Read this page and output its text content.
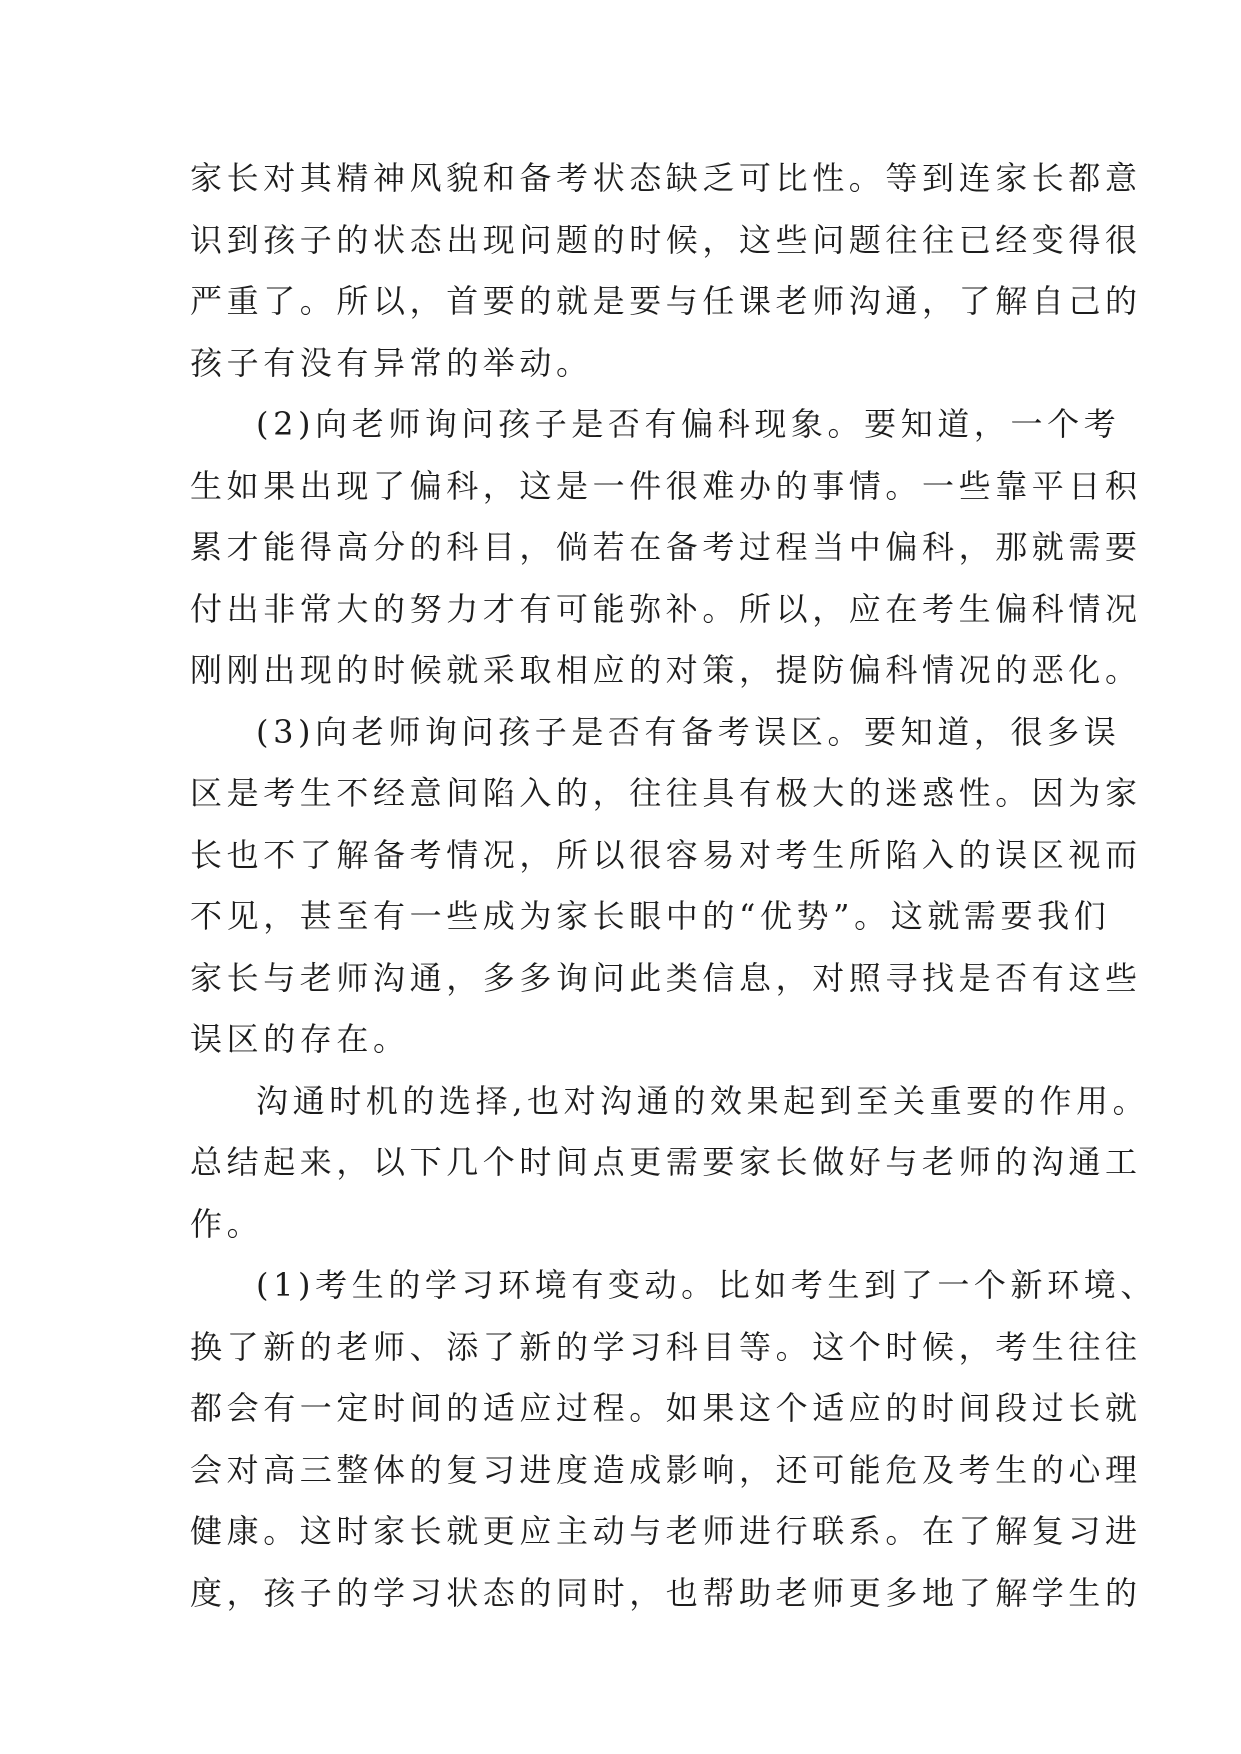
家长对其精神风貌和备考状态缺乏可比性。等到连家长都意
识到孩子的状态出现问题的时候，这些问题往往已经变得很
严重了。所以，首要的就是要与任课老师沟通，了解自己的
孩子有没有异常的举动。
(2)向老师询问孩子是否有偏科现象。要知道，一个考
生如果出现了偏科，这是一件很难办的事情。一些靠平日积
累才能得高分的科目，倘若在备考过程当中偏科，那就需要
付出非常大的努力才有可能弥补。所以，应在考生偏科情况
刚刚出现的时候就采取相应的对策，提防偏科情况的恶化。
(3)向老师询问孩子是否有备考误区。要知道，很多误
区是考生不经意间陷入的，往往具有极大的迷惑性。因为家
长也不了解备考情况，所以很容易对考生所陷入的误区视而
不见，甚至有一些成为家长眼中的“优势”。这就需要我们
家长与老师沟通，多多询问此类信息，对照寻找是否有这些
误区的存在。
沟通时机的选择,也对沟通的效果起到至关重要的作用。
总结起来，以下几个时间点更需要家长做好与老师的沟通工
作。
(1)考生的学习环境有变动。比如考生到了一个新环境、
换了新的老师、添了新的学习科目等。这个时候，考生往往
都会有一定时间的适应过程。如果这个适应的时间段过长就
会对高三整体的复习进度造成影响，还可能危及考生的心理
健康。这时家长就更应主动与老师进行联系。在了解复习进
度，孩子的学习状态的同时，也帮助老师更多地了解学生的
